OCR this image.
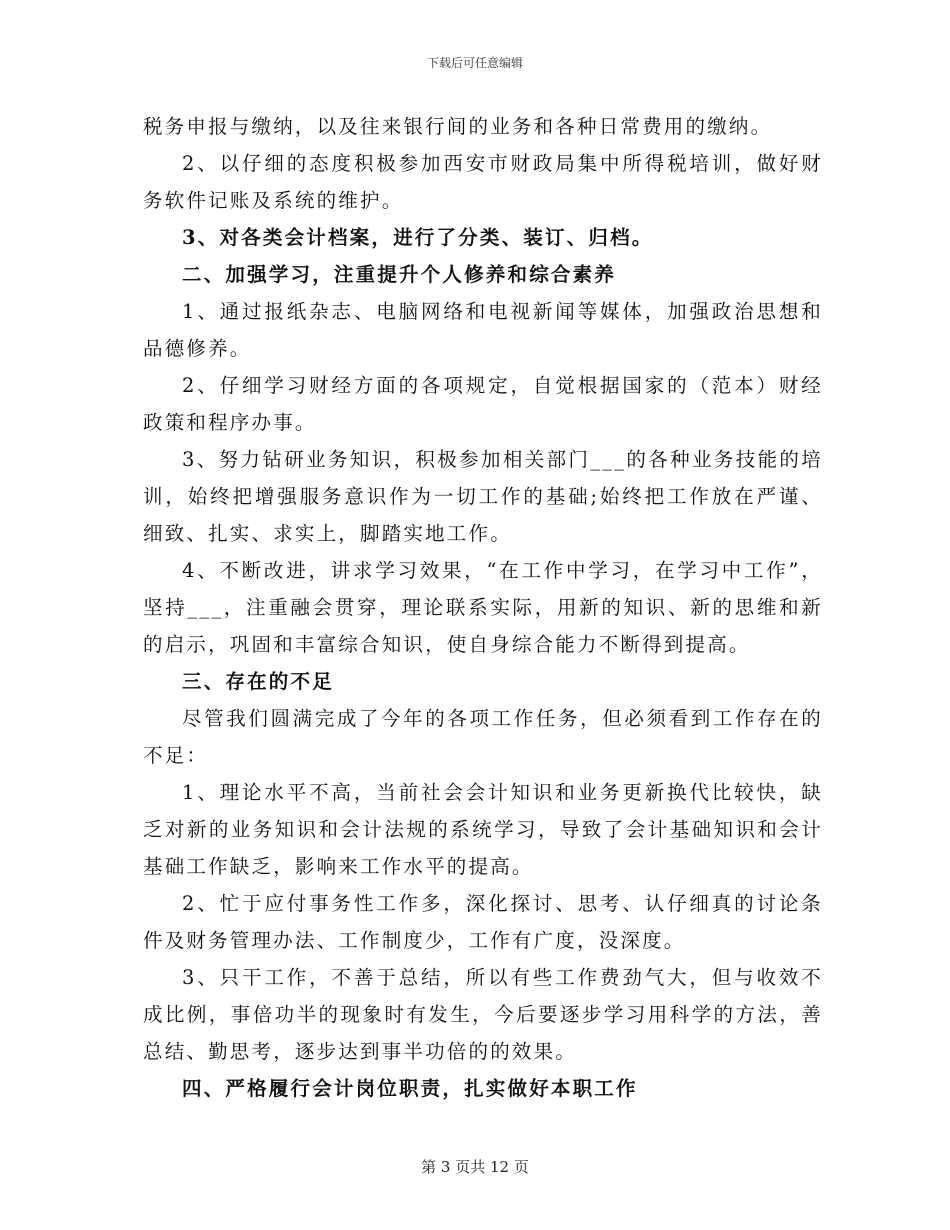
下载后可任意编辑

税务申报与缴纳，以及往来银行间的业务和各种日常费用的缴纳。

2、以仔细的态度积极参加西安市财政局集中所得税培训，做好财务软件记账及系统的维护。

3、对各类会计档案，进行了分类、装订、归档。

二、加强学习，注重提升个人修养和综合素养

1、通过报纸杂志、电脑网络和电视新闻等媒体，加强政治思想和品德修养。

2、仔细学习财经方面的各项规定，自觉根据国家的（范本）财经政策和程序办事。

3、努力钻研业务知识，积极参加相关部门___的各种业务技能的培训，始终把增强服务意识作为一切工作的基础;始终把工作放在严谨、细致、扎实、求实上，脚踏实地工作。

4、不断改进，讲求学习效果，“在工作中学习，在学习中工作”，坚持___，注重融会贯穿，理论联系实际，用新的知识、新的思维和新的启示，巩固和丰富综合知识，使自身综合能力不断得到提高。

三、存在的不足

尽管我们圆满完成了今年的各项工作任务，但必须看到工作存在的不足：

1、理论水平不高，当前社会会计知识和业务更新换代比较快，缺乏对新的业务知识和会计法规的系统学习，导致了会计基础知识和会计基础工作缺乏，影响来工作水平的提高。

2、忙于应付事务性工作多，深化探讨、思考、认仔细真的讨论条件及财务管理办法、工作制度少，工作有广度，没深度。

3、只干工作，不善于总结，所以有些工作费劲气大，但与收效不成比例，事倍功半的现象时有发生，今后要逐步学习用科学的方法，善总结、勤思考，逐步达到事半功倍的的效果。

四、严格履行会计岗位职责，扎实做好本职工作

第 3 页共 12 页
